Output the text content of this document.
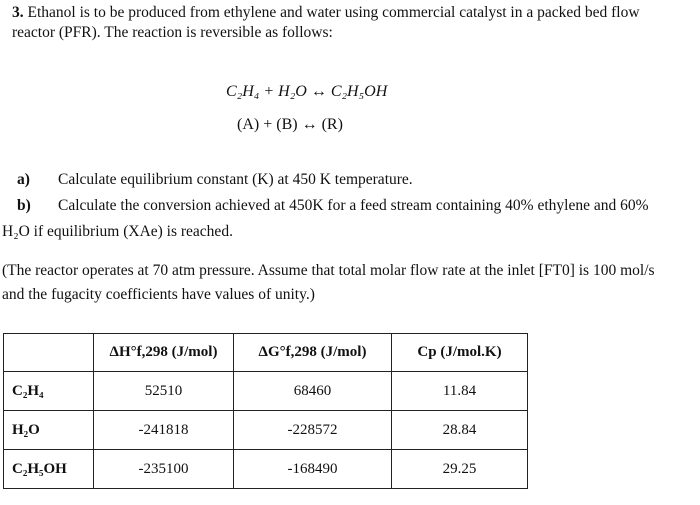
3. Ethanol is to be produced from ethylene and water using commercial catalyst in a packed bed flow
reactor (PFR). The reaction is reversible as follows:
C₂H₄ + H₂O ↔ C₂H₅OH
(A) + (B) ↔ (R)
a) Calculate equilibrium constant (K) at 450 K temperature.
b) Calculate the conversion achieved at 450K for a feed stream containing 40% ethylene and 60%
H₂O if equilibrium (XAe) is reached.
(The reactor operates at 70 atm pressure. Assume that total molar flow rate at the inlet [FT0] is 100 mol/s
and the fugacity coefficients have values of unity.)
	ΔH°f,298 (J/mol)	ΔG°f,298 (J/mol)	Cp (J/mol.K)
C₂H₄	52510	68460	11.84
H₂O	-241818	-228572	28.84
C₂H₅OH	-235100	-168490	29.25
